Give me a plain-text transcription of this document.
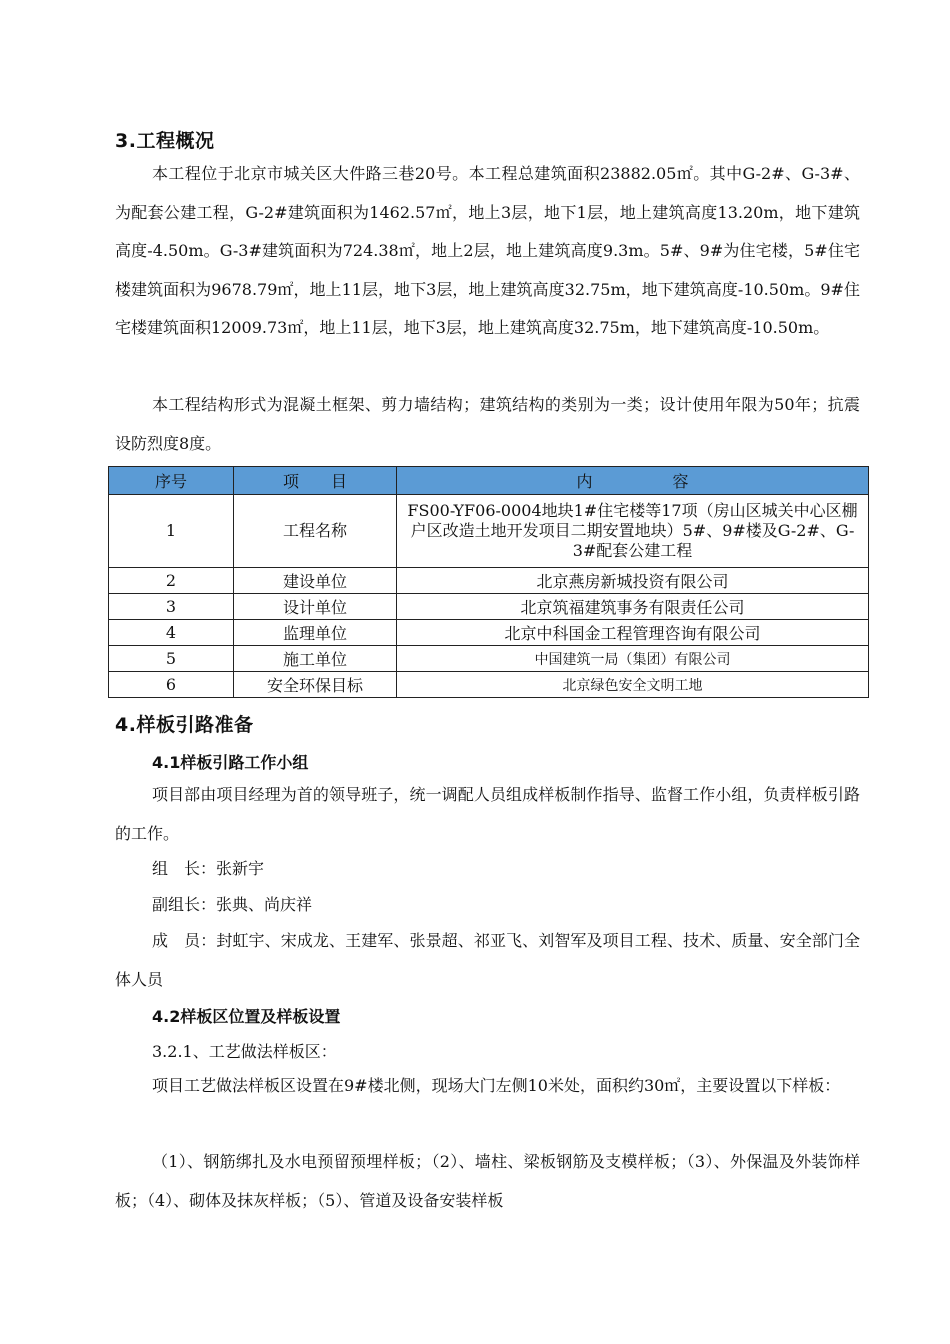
3.工程概况

本工程位于北京市城关区大件路三巷20号。本工程总建筑面积23882.05㎡。其中G-2#、G-3#、为配套公建工程，G-2#建筑面积为1462.57㎡，地上3层，地下1层，地上建筑高度13.20m，地下建筑高度-4.50m。G-3#建筑面积为724.38㎡，地上2层，地上建筑高度9.3m。5#、9#为住宅楼，5#住宅楼建筑面积为9678.79㎡，地上11层，地下3层，地上建筑高度32.75m，地下建筑高度-10.50m。9#住宅楼建筑面积12009.73㎡，地上11层，地下3层，地上建筑高度32.75m，地下建筑高度-10.50m。

本工程结构形式为混凝土框架、剪力墙结构；建筑结构的类别为一类；设计使用年限为50年；抗震设防烈度8度。

序号	项　　目	内　　　　　容
1	工程名称	FS00-YF06-0004地块1#住宅楼等17项（房山区城关中心区棚户区改造土地开发项目二期安置地块）5#、9#楼及G-2#、G-3#配套公建工程
2	建设单位	北京燕房新城投资有限公司
3	设计单位	北京筑福建筑事务有限责任公司
4	监理单位	北京中科国金工程管理咨询有限公司
5	施工单位	中国建筑一局（集团）有限公司
6	安全环保目标	北京绿色安全文明工地
4.样板引路准备
4.1样板引路工作小组

项目部由项目经理为首的领导班子，统一调配人员组成样板制作指导、监督工作小组，负责样板引路的工作。

组　长：张新宇
副组长：张典、尚庆祥

成　员：封虹宇、宋成龙、王建军、张景超、祁亚飞、刘智军及项目工程、技术、质量、安全部门全体人员

4.2样板区位置及样板设置
3.2.1、工艺做法样板区：

项目工艺做法样板区设置在9#楼北侧，现场大门左侧10米处，面积约30㎡，主要设置以下样板：

（1）、钢筋绑扎及水电预留预埋样板；（2）、墙柱、梁板钢筋及支模样板；（3）、外保温及外装饰样板；（4）、砌体及抹灰样板；（5）、管道及设备安装样板
